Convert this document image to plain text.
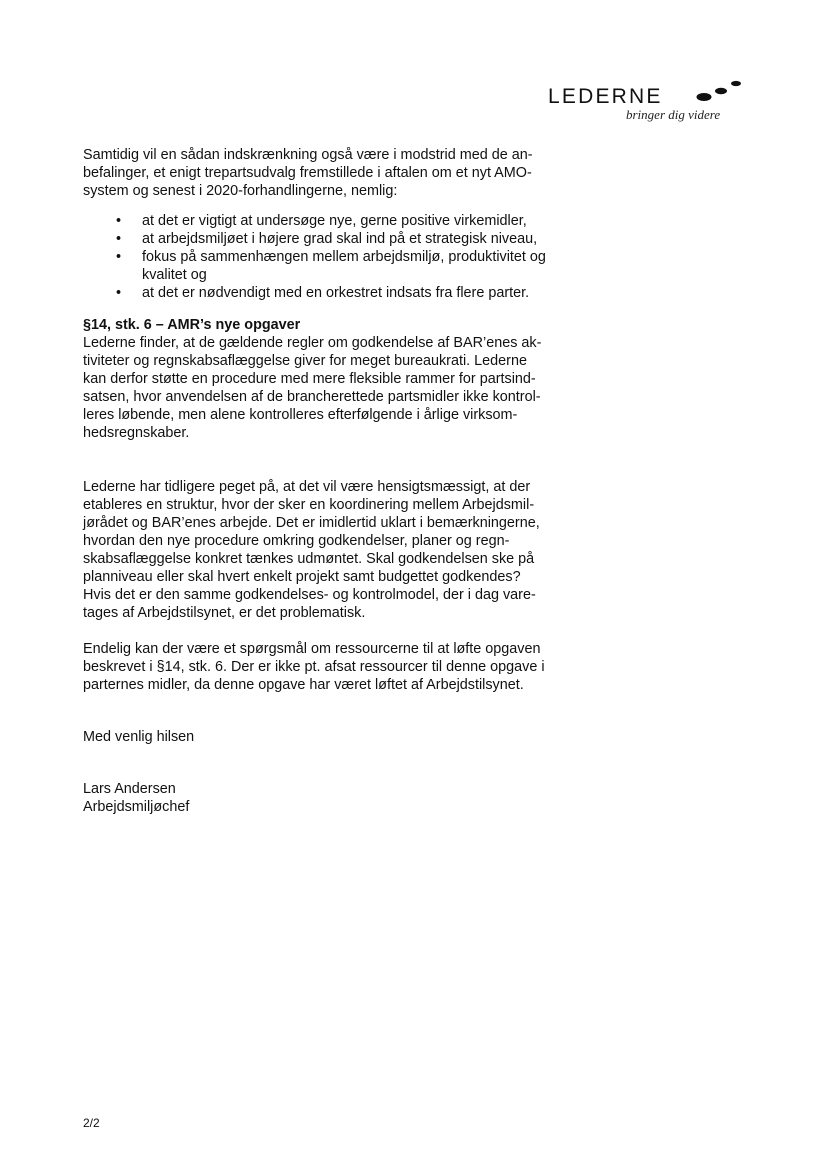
LEDERNE
bringer dig videre

Samtidig vil en sådan indskrænkning også være i modstrid med de an-
befalinger, et enigt trepartsudvalg fremstillede i aftalen om et nyt AMO-
system og senest i 2020-forhandlingerne, nemlig:

• at det er vigtigt at undersøge nye, gerne positive virkemidler,
• at arbejdsmiljøet i højere grad skal ind på et strategisk niveau,
• fokus på sammenhængen mellem arbejdsmiljø, produktivitet og
kvalitet og
• at det er nødvendigt med en orkestret indsats fra flere parter.
§14, stk. 6 – AMR’s nye opgaver

Lederne finder, at de gældende regler om godkendelse af BAR’enes ak-
tiviteter og regnskabsaflæggelse giver for meget bureaukrati. Lederne
kan derfor støtte en procedure med mere fleksible rammer for partsind-
satsen, hvor anvendelsen af de brancherettede partsmidler ikke kontrol-
leres løbende, men alene kontrolleres efterfølgende i årlige virksom-
hedsregnskaber.

Lederne har tidligere peget på, at det vil være hensigtsmæssigt, at der
etableres en struktur, hvor der sker en koordinering mellem Arbejdsmil-
jørådet og BAR’enes arbejde. Det er imidlertid uklart i bemærkningerne,
hvordan den nye procedure omkring godkendelser, planer og regn-
skabsaflæggelse konkret tænkes udmøntet. Skal godkendelsen ske på
planniveau eller skal hvert enkelt projekt samt budgettet godkendes?
Hvis det er den samme godkendelses- og kontrolmodel, der i dag vare-
tages af Arbejdstilsynet, er det problematisk.

Endelig kan der være et spørgsmål om ressourcerne til at løfte opgaven
beskrevet i §14, stk. 6. Der er ikke pt. afsat ressourcer til denne opgave i
parternes midler, da denne opgave har været løftet af Arbejdstilsynet.

Med venlig hilsen

Lars Andersen
Arbejdsmiljøchef

2/2
